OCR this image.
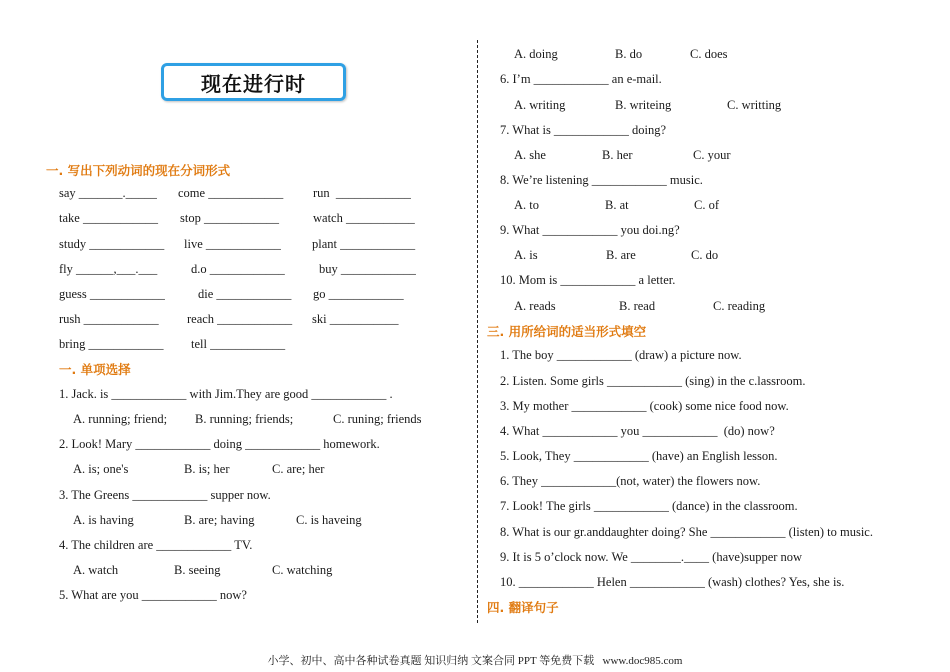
现在进行时
一. 写出下列动词的现在分词形式
say _______._____ come ____________ run  ____________
take ____________ stop ____________	watch ___________
study ____________ live ____________ plant ____________
fly ______,___.___	d.o ____________	buy ____________
guess ____________	die ____________ go ____________
rush ____________ reach ____________ ski ___________
bring ____________ tell ____________
一. 单项选择
1. Jack. is ____________ with Jim.They are good ____________ .
A. running; friend; B. running; friends;	C. runing; friends
2. Look! Mary ____________ doing ____________ homework.
A. is; one's	B. is; her	C. are; her
3. The Greens ____________ supper now.
A. is having	B. are; having	C. is haveing
4. The children are ____________ TV.
A. watch	B. seeing	C. watching
5. What are you ____________ now?
A. doing	B. do	C. does
6. I’m ____________ an e-mail.
A. writing	B. writeing	C. writting
7. What is ____________ doing?
A. she	B. her	C. your
8. We’re listening ____________ music.
A. to	B. at	C. of
9. What ____________ you doi.ng?
A. is	B. are	C. do
10. Mom is ____________ a letter.
A. reads	B. read	C. reading
三. 用所给词的适当形式填空
1. The boy ____________ (draw) a picture now.
2. Listen. Some girls ____________ (sing) in the c.lassroom.
3. My mother ____________ (cook) some nice food now.
4. What ____________ you ____________  (do) now?
5. Look, They ____________ (have) an English lesson.
6. They ____________(not, water) the flowers now.
7. Look! The girls ____________ (dance) in the classroom.
8. What is our gr.anddaughter doing? She ____________ (listen) to music.
9. It is 5 o’clock now. We ________.____ (have)supper now
10. ____________ Helen ____________ (wash) clothes? Yes, she is.
四. 翻译句子
小学、初中、高中各种试卷真题 知识归纳 文案合同 PPT 等免费下载   www.doc985.com
